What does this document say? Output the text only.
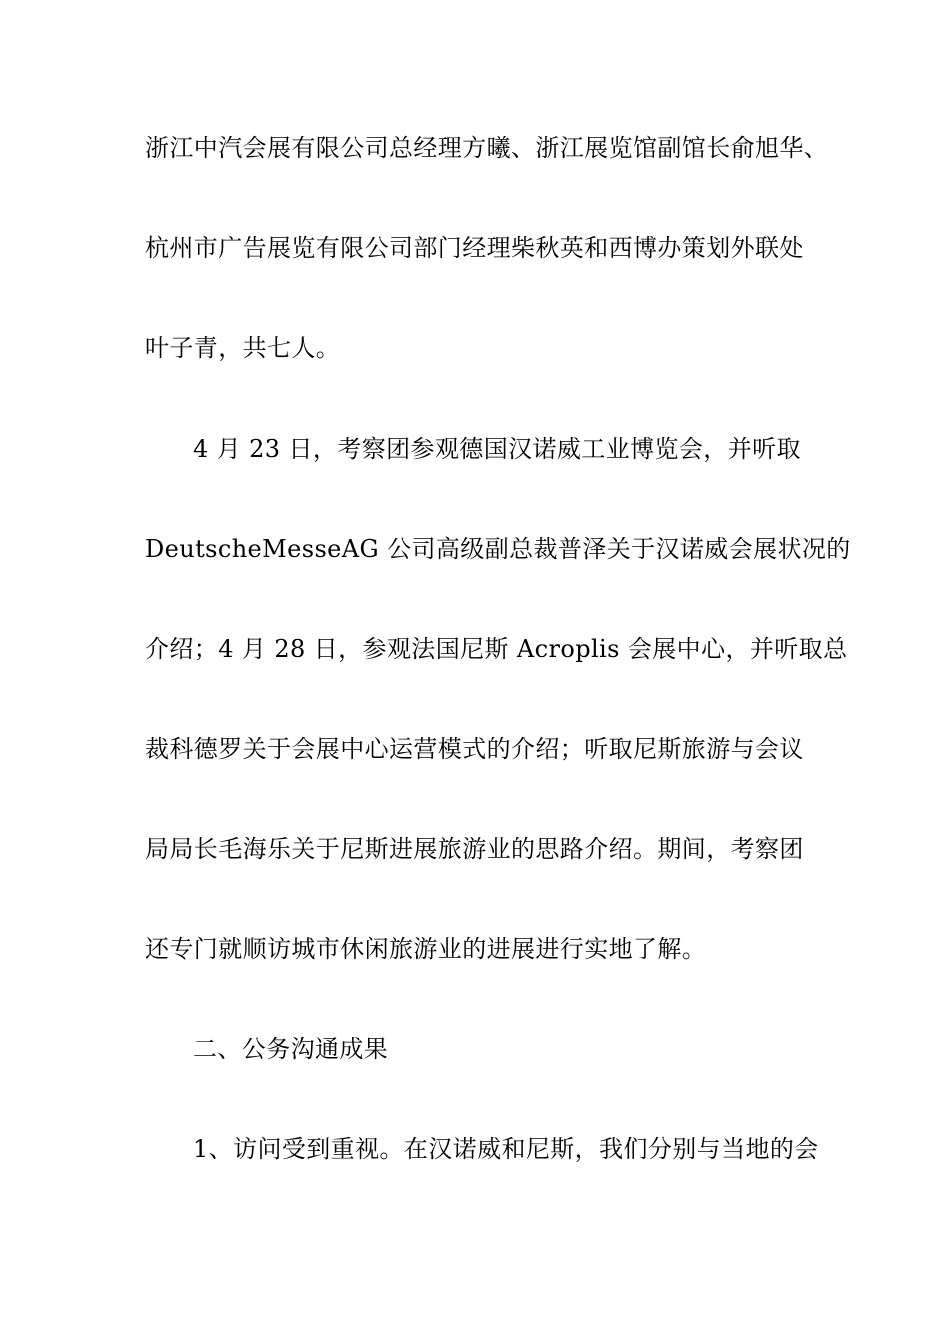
浙江中汽会展有限公司总经理方曦、浙江展览馆副馆长俞旭华、
杭州市广告展览有限公司部门经理柴秋英和西博办策划外联处
叶子青，共七人。
4 月 23 日，考察团参观德国汉诺威工业博览会，并听取
DeutscheMesseAG 公司高级副总裁普泽关于汉诺威会展状况的
介绍；4 月 28 日，参观法国尼斯 Acroplis 会展中心，并听取总
裁科德罗关于会展中心运营模式的介绍；听取尼斯旅游与会议
局局长毛海乐关于尼斯进展旅游业的思路介绍。期间，考察团
还专门就顺访城市休闲旅游业的进展进行实地了解。
二、公务沟通成果
1、访问受到重视。在汉诺威和尼斯，我们分别与当地的会
